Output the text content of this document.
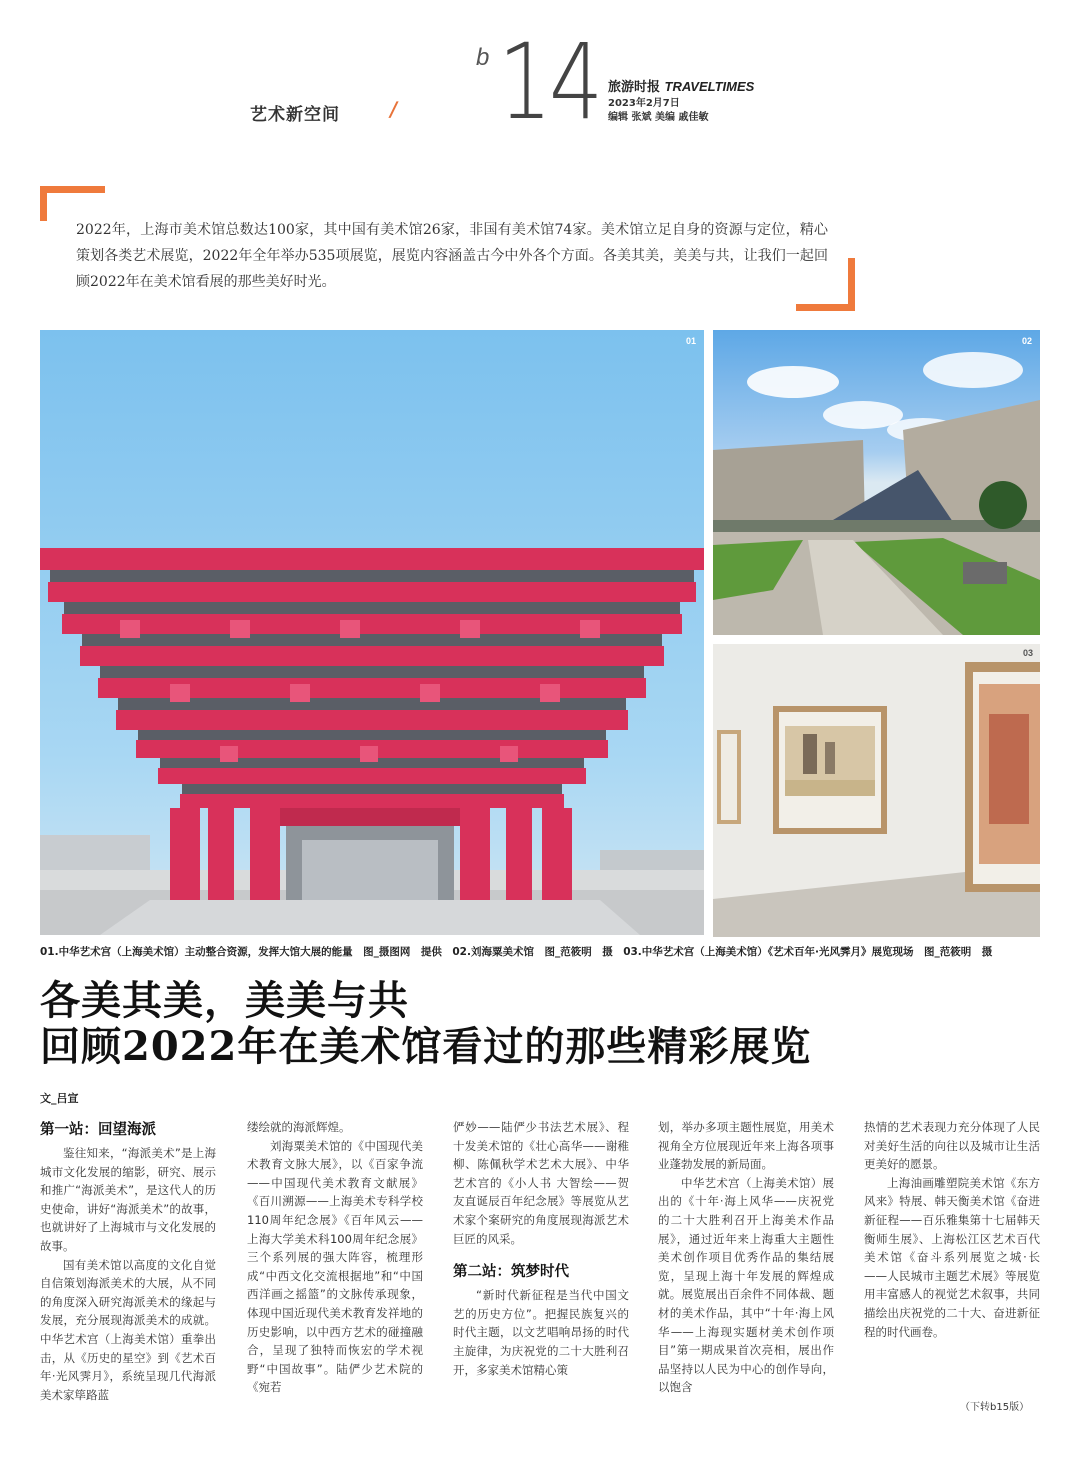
艺术新空间 /
b 14 旅游时报 TRAVELTIMES
2023年2月7日
编辑 张斌 美编 戚佳敏
2022年，上海市美术馆总数达100家，其中国有美术馆26家，非国有美术馆74家。美术馆立足自身的资源与定位，精心策划各类艺术展览，2022年全年举办535项展览，展览内容涵盖古今中外各个方面。各美其美，美美与共，让我们一起回顾2022年在美术馆看展的那些美好时光。
01	02
03
01.中华艺术宫（上海美术馆）主动整合资源，发挥大馆大展的能量　图_摄图网　提供　02.刘海粟美术馆　图_范筱明　摄　03.中华艺术宫（上海美术馆）《艺术百年·光风霁月》展览现场　图_范筱明　摄
各美其美，美美与共
回顾2022年在美术馆看过的那些精彩展览
文_吕宣
第一站：回望海派

鉴往知来，“海派美术”是上海城市文化发展的缩影，研究、展示和推广“海派美术”，是这代人的历史使命，讲好“海派美术”的故事，也就讲好了上海城市与文化发展的故事。

国有美术馆以高度的文化自觉自信策划海派美术的大展，从不同的角度深入研究海派美术的缘起与发展，充分展现海派美术的成就。中华艺术宫（上海美术馆）重拳出击，从《历史的星空》到《艺术百年·光风霁月》，系统呈现几代海派美术家筚路蓝

缕绘就的海派辉煌。

刘海粟美术馆的《中国现代美术教育文脉大展》，以《百家争流——中国现代美术教育文献展》《百川溯源——上海美术专科学校110周年纪念展》《百年风云——上海大学美术科100周年纪念展》三个系列展的强大阵容，梳理形成“中西文化交流根据地”和“中国西洋画之摇篮”的文脉传承现象，体现中国近现代美术教育发祥地的历史影响，以中西方艺术的碰撞融合，呈现了独特而恢宏的学术视野“中国故事”。陆俨少艺术院的《宛若

俨妙——陆俨少书法艺术展》、程十发美术馆的《壮心高华——谢稚柳、陈佩秋学术艺术大展》、中华艺术宫的《小人书 大智绘——贺友直诞辰百年纪念展》等展览从艺术家个案研究的角度展现海派艺术巨匠的风采。

第二站：筑梦时代

“新时代新征程是当代中国文艺的历史方位”。把握民族复兴的时代主题，以文艺唱响昂扬的时代主旋律，为庆祝党的二十大胜利召开，多家美术馆精心策

划，举办多项主题性展览，用美术视角全方位展现近年来上海各项事业蓬勃发展的新局面。

中华艺术宫（上海美术馆）展出的《十年·海上风华——庆祝党的二十大胜利召开上海美术作品展》，通过近年来上海重大主题性美术创作项目优秀作品的集结展览，呈现上海十年发展的辉煌成就。展览展出百余件不同体裁、题材的美术作品，其中“十年·海上风华——上海现实题材美术创作项目”第一期成果首次亮相，展出作品坚持以人民为中心的创作导向，以饱含

热情的艺术表现力充分体现了人民对美好生活的向往以及城市让生活更美好的愿景。

上海油画雕塑院美术馆《东方风来》特展、韩天衡美术馆《奋进新征程——百乐雅集第十七届韩天衡师生展》、上海松江区艺术百代美术馆《奋斗系列展览之城·长——人民城市主题艺术展》等展览用丰富感人的视觉艺术叙事，共同描绘出庆祝党的二十大、奋进新征程的时代画卷。

（下转b15版）
